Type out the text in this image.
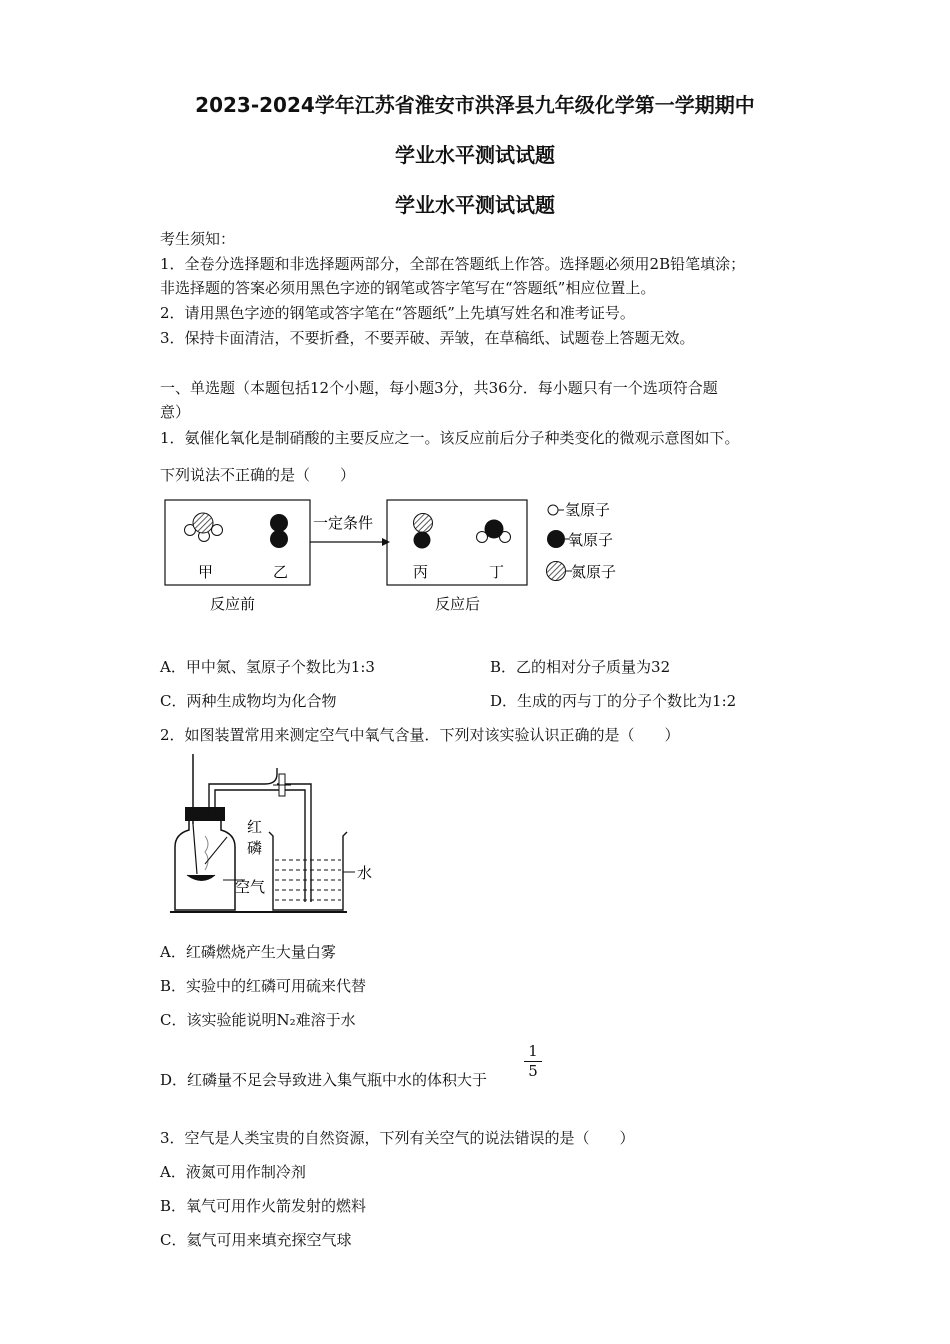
2023-2024学年江苏省淮安市洪泽县九年级化学第一学期期中
学业水平测试试题
学业水平测试试题
考生须知：
1．全卷分选择题和非选择题两部分，全部在答题纸上作答。选择题必须用2B铅笔填涂；
非选择题的答案必须用黑色字迹的钢笔或答字笔写在“答题纸”相应位置上。
2．请用黑色字迹的钢笔或答字笔在“答题纸”上先填写姓名和准考证号。
3．保持卡面清洁，不要折叠，不要弄破、弄皱，在草稿纸、试题卷上答题无效。
一、单选题（本题包括12个小题，每小题3分，共36分．每小题只有一个选项符合题
意）
1．氨催化氧化是制硝酸的主要反应之一。该反应前后分子种类变化的微观示意图如下。
下列说法不正确的是（　　）
甲	乙
一定条件
丙	丁
反应前	反应后
氢原子
氧原子
氮原子
A．甲中氮、氢原子个数比为1:3	B．乙的相对分子质量为32
C．两种生成物均为化合物	D．生成的丙与丁的分子个数比为1:2
2．如图装置常用来测定空气中氧气含量．下列对该实验认识正确的是（　　）
红
磷
空气
水
A．红磷燃烧产生大量白雾
B．实验中的红磷可用硫来代替
C．该实验能说明N₂难溶于水
D．红磷量不足会导致进入集气瓶中水的体积大于 $\frac{1}{5}$
3．空气是人类宝贵的自然资源，下列有关空气的说法错误的是（　　）
A．液氮可用作制冷剂
B．氧气可用作火箭发射的燃料
C．氦气可用来填充探空气球
